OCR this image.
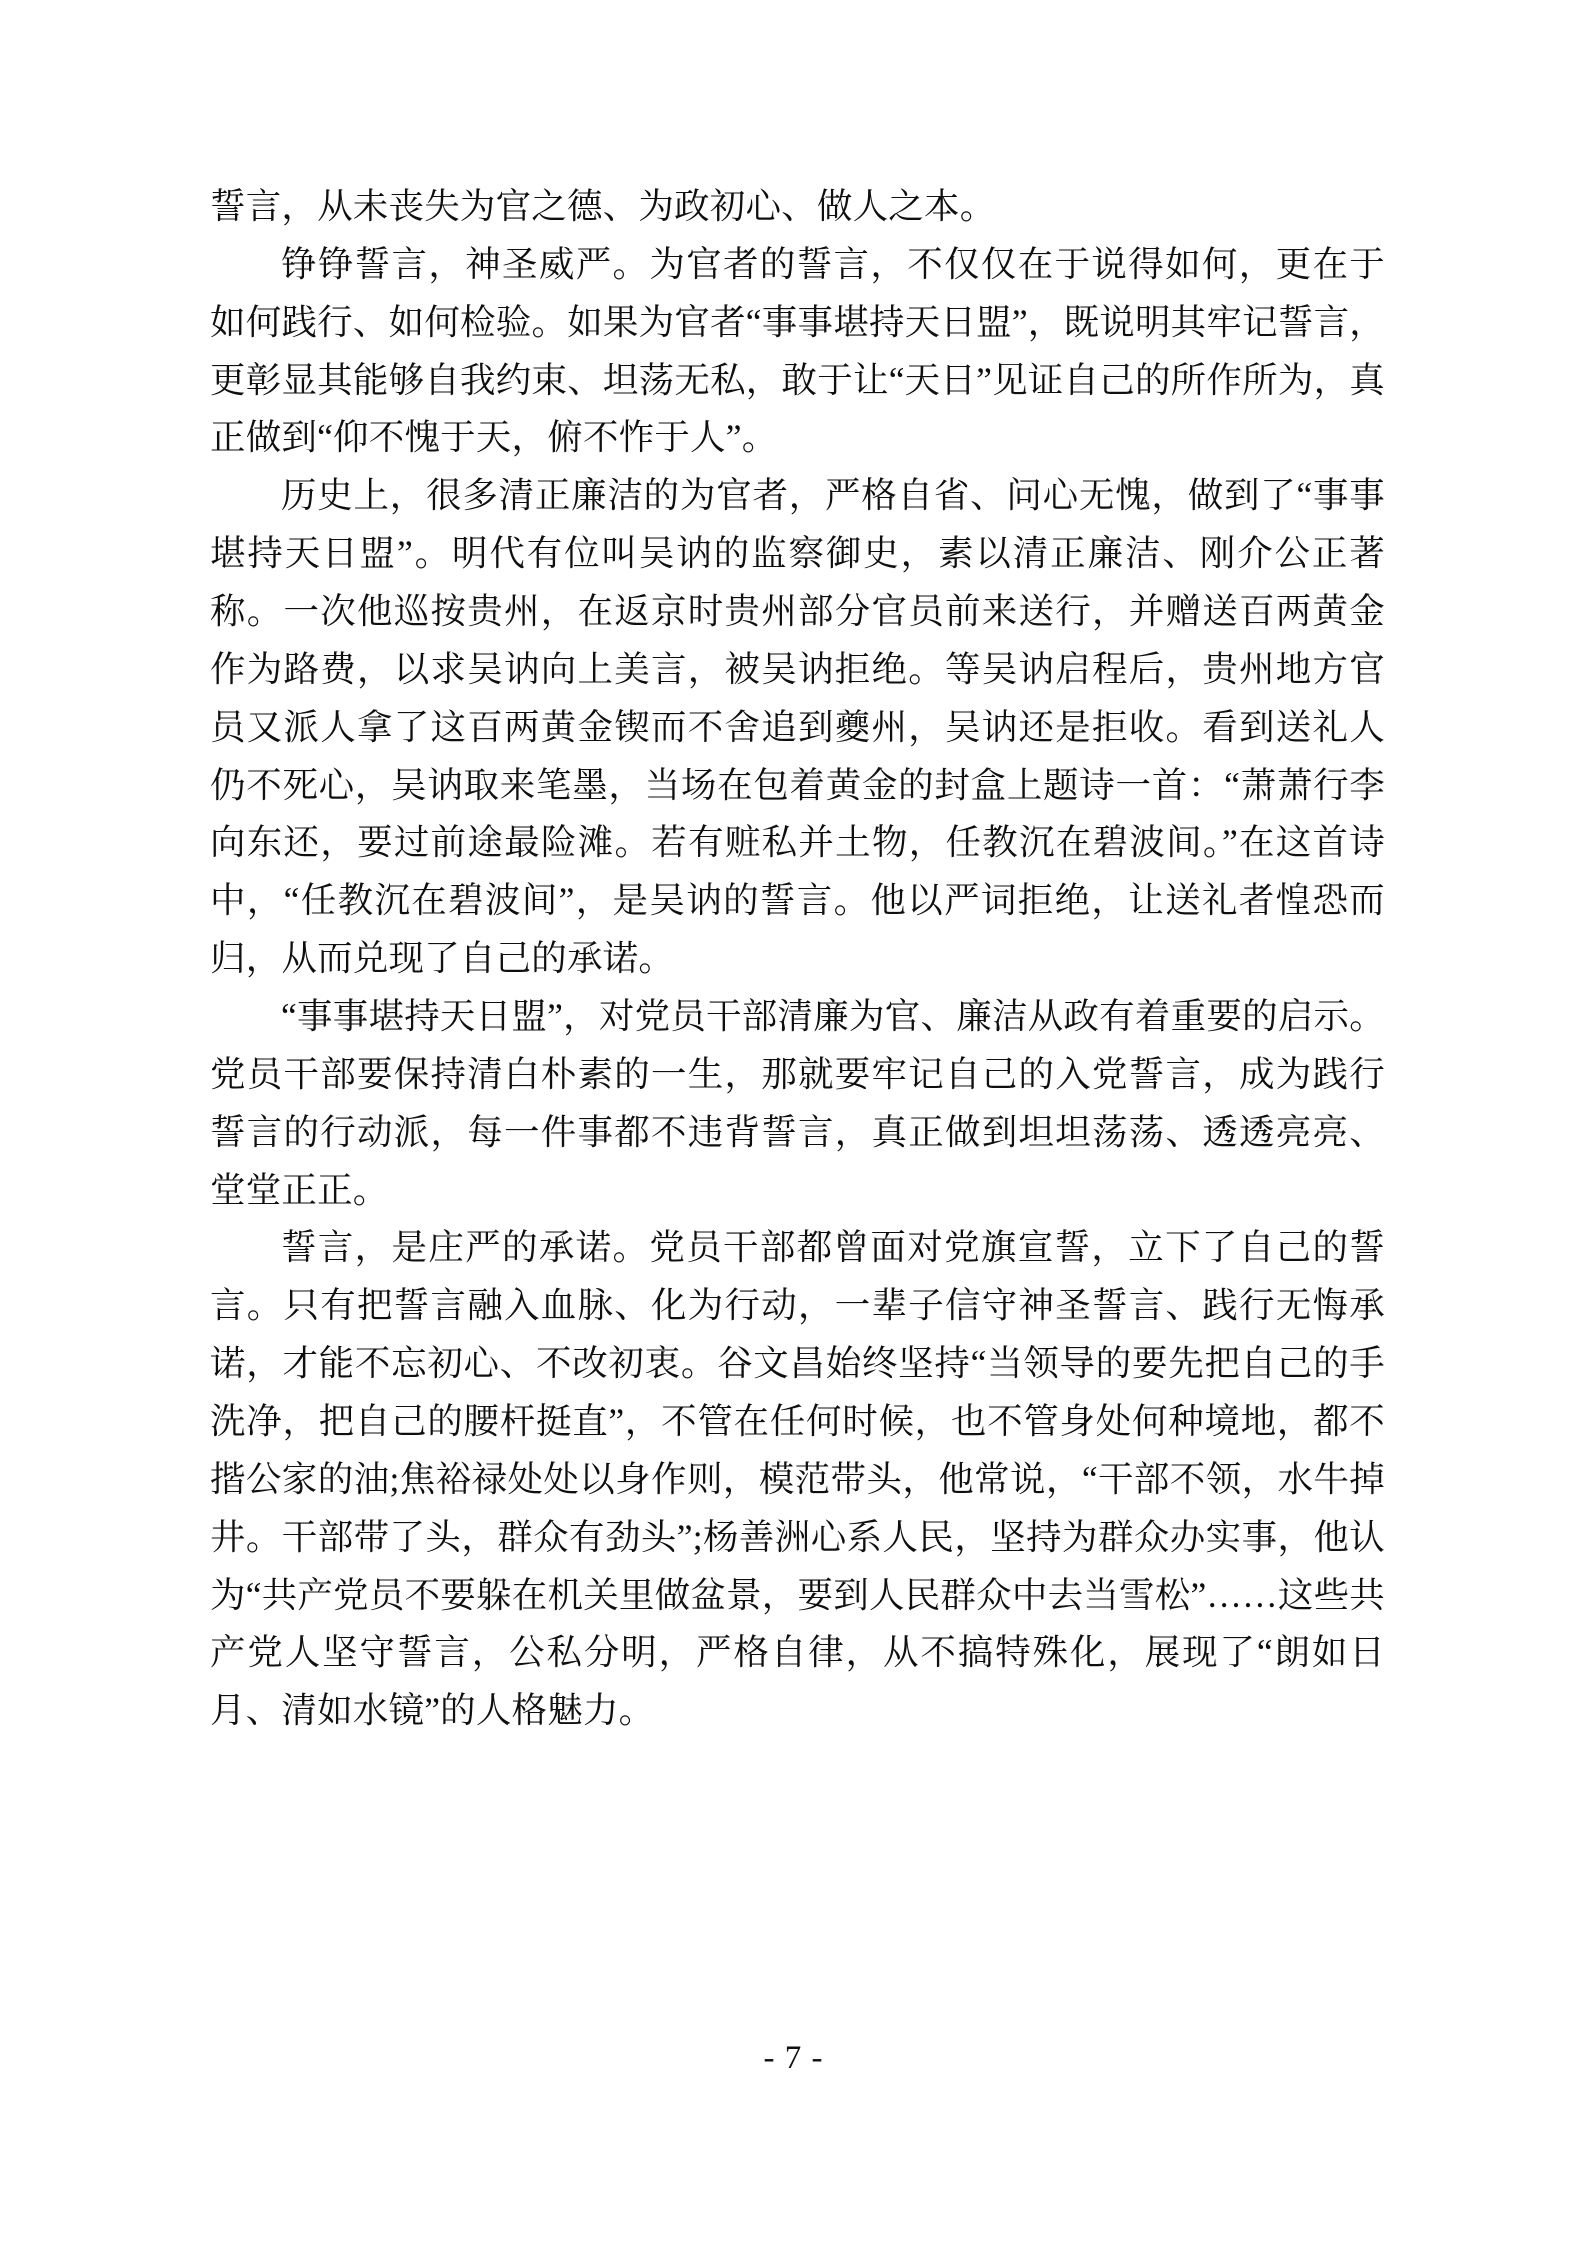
誓言，从未丧失为官之德、为政初心、做人之本。

铮铮誓言，神圣威严。为官者的誓言，不仅仅在于说得如何，更在于如何践行、如何检验。如果为官者“事事堪持天日盟”，既说明其牢记誓言，更彰显其能够自我约束、坦荡无私，敢于让“天日”见证自己的所作所为，真正做到“仰不愧于天，俯不怍于人”。

历史上，很多清正廉洁的为官者，严格自省、问心无愧，做到了“事事堪持天日盟”。明代有位叫吴讷的监察御史，素以清正廉洁、刚介公正著称。一次他巡按贵州，在返京时贵州部分官员前来送行，并赠送百两黄金作为路费，以求吴讷向上美言，被吴讷拒绝。等吴讷启程后，贵州地方官员又派人拿了这百两黄金锲而不舍追到夔州，吴讷还是拒收。看到送礼人仍不死心，吴讷取来笔墨，当场在包着黄金的封盒上题诗一首：“萧萧行李向东还，要过前途最险滩。若有赃私并土物，任教沉在碧波间。”在这首诗中，“任教沉在碧波间”，是吴讷的誓言。他以严词拒绝，让送礼者惶恐而归，从而兑现了自己的承诺。

“事事堪持天日盟”，对党员干部清廉为官、廉洁从政有着重要的启示。党员干部要保持清白朴素的一生，那就要牢记自己的入党誓言，成为践行誓言的行动派，每一件事都不违背誓言，真正做到坦坦荡荡、透透亮亮、堂堂正正。

誓言，是庄严的承诺。党员干部都曾面对党旗宣誓，立下了自己的誓言。只有把誓言融入血脉、化为行动，一辈子信守神圣誓言、践行无悔承诺，才能不忘初心、不改初衷。谷文昌始终坚持“当领导的要先把自己的手洗净，把自己的腰杆挺直”，不管在任何时候，也不管身处何种境地，都不揩公家的油;焦裕禄处处以身作则，模范带头，他常说，“干部不领，水牛掉井。干部带了头，群众有劲头”;杨善洲心系人民，坚持为群众办实事，他认为“共产党员不要躲在机关里做盆景，要到人民群众中去当雪松”……这些共产党人坚守誓言，公私分明，严格自律，从不搞特殊化，展现了“朗如日月、清如水镜”的人格魅力。

- 7 -
